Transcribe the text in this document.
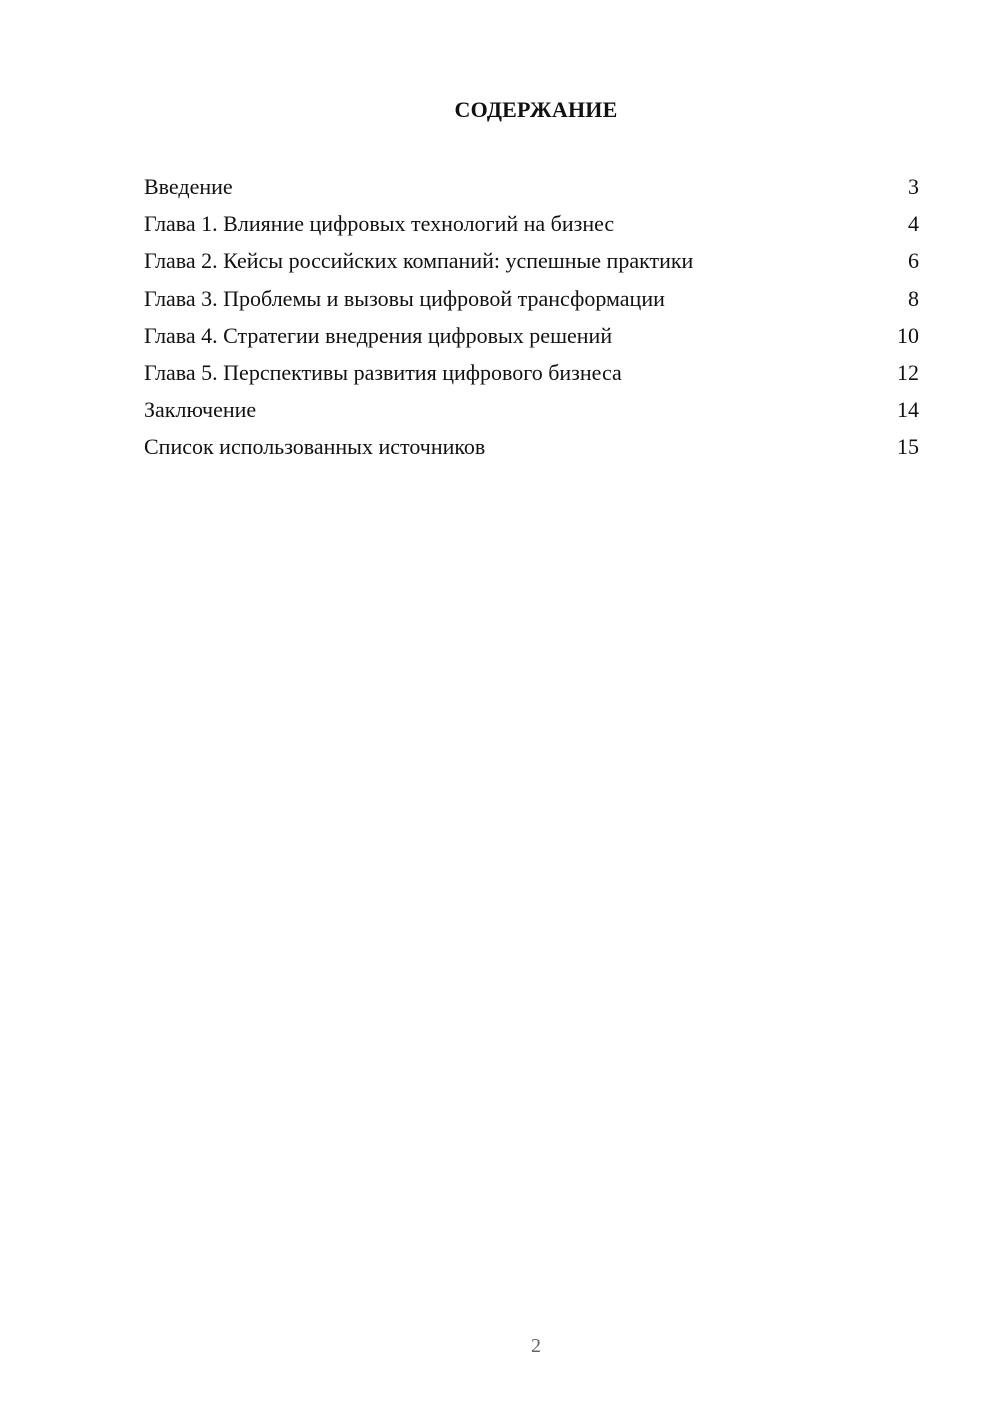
СОДЕРЖАНИЕ
Введение	3
Глава 1. Влияние цифровых технологий на бизнес	4
Глава 2. Кейсы российских компаний: успешные практики	6
Глава 3. Проблемы и вызовы цифровой трансформации	8
Глава 4. Стратегии внедрения цифровых решений	10
Глава 5. Перспективы развития цифрового бизнеса	12
Заключение	14
Список использованных источников	15
2
